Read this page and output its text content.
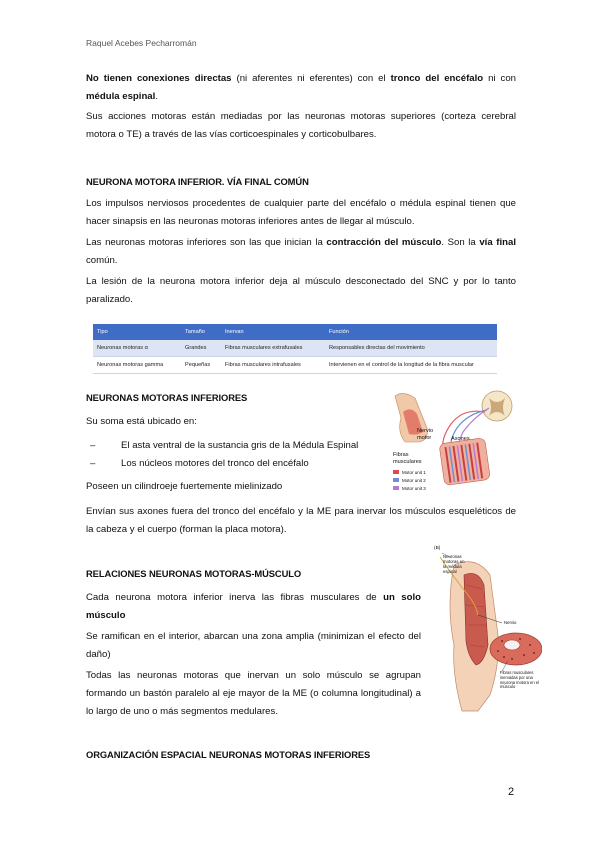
Raquel Acebes Pecharromán
No tienen conexiones directas (ni aferentes ni eferentes) con el tronco del encéfalo ni con médula espinal.
Sus acciones motoras están mediadas por las neuronas motoras superiores (corteza cerebral motora o TE) a través de las vías corticoespinales y corticobulbares.
NEURONA MOTORA INFERIOR. VÍA FINAL COMÚN
Los impulsos nerviosos procedentes de cualquier parte del encéfalo o médula espinal tienen que hacer sinapsis en las neuronas motoras inferiores antes de llegar al músculo.
Las neuronas motoras inferiores son las que inician la contracción del músculo. Son la vía final común.
La lesión de la neurona motora inferior deja al músculo desconectado del SNC y por lo tanto paralizado.
Tipo	Tamaño	Inervan	Función
Neuronas motoras α	Grandes	Fibras musculares extrafusales	Responsables directas del movimiento
Neuronas motoras gamma	Pequeñas	Fibras musculares intrafusales	Intervienen en el control de la longitud de la fibra muscular
NEURONAS MOTORAS INFERIORES
Su soma está ubicado en:
– El asta ventral de la sustancia gris de la Médula Espinal
– Los núcleos motores del tronco del encéfalo
Poseen un cilindroeje fuertemente mielinizado
Envían sus axones fuera del tronco del encéfalo y la ME para inervar los músculos esqueléticos de la cabeza y el cuerpo (forman la placa motora).
Nervio motor	Axones
Fibras musculares
Motor unit 1
Motor unit 2
Motor unit 3
RELACIONES NEURONAS MOTORAS-MÚSCULO
Cada neurona motora inferior inerva las fibras musculares de un solo músculo
Se ramifican en el interior, abarcan una zona amplia (minimizan el efecto del daño)
Todas las neuronas motoras que inervan un solo músculo se agrupan formando un bastón paralelo al eje mayor de la ME (o columna longitudinal) a lo largo de uno o más segmentos medulares.
(B)
Neuronas motoras en la médula espinal
Nervio
Fibras musculares inervadas por una neurona motora en el músculo
ORGANIZACIÓN ESPACIAL NEURONAS MOTORAS INFERIORES
2
